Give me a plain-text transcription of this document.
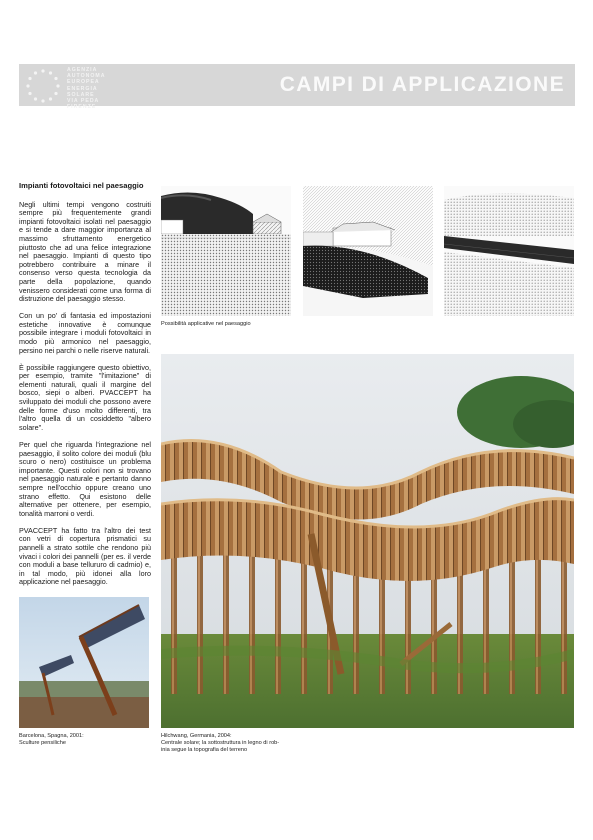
AGENZIA
AUTONOMA
EUROPEA
ENERGIA
SOLARE
VIA PEDA
FIRENZE
CAMPI DI APPLICAZIONE
Impianti fotovoltaici nel paesaggio

Negli ultimi tempi vengono costruiti sempre più frequentemente grandi impianti fotovoltaici isolati nel paesaggio e si tende a dare maggior importanza al massimo sfruttamento energetico piuttosto che ad una felice integrazione nel paesaggio. Impianti di questo tipo potrebbero contribuire a minare il consenso verso questa tecnologia da parte della popolazione, quando venissero considerati come una forma di distruzione del paesaggio stesso.

Con un po' di fantasia ed impostazioni estetiche innovative è comunque possibile integrare i moduli fotovoltaici in modo più armonico nel paesaggio, persino nei parchi o nelle riserve naturali.

È possibile raggiungere questo obiettivo, per esempio, tramite "l'imitazione" di elementi naturali, quali il margine del bosco, siepi o alberi. PVACCEPT ha sviluppato dei moduli che possono avere delle forme d'uso molto differenti, tra l'altro quella di un cosiddetto "albero solare".

Per quel che riguarda l'integrazione nel paesaggio, il solito colore dei moduli (blu scuro o nero) costituisce un problema importante. Questi colori non si trovano nel paesaggio naturale e pertanto danno sempre nell'occhio oppure creano uno strano effetto. Qui esistono delle alternative per ottenere, per esempio, tonalità marroni o verdi.

PVACCEPT ha fatto tra l'altro dei test con vetri di copertura prismatici su pannelli a strato sottile che rendono più vivaci i colori dei pannelli (per es. il verde con moduli a base tellururo di cadmio) e, in tal modo, più idonei alla loro applicazione nel paesaggio.

Possibilità applicative nel paesaggio
Barcelona, Spagna, 2001:
Sculture pensiliche
Hilchwang, Germania, 2004:
Centrale solare; la sottostruttura in legno di rob-
inia segue la topografia del terreno
